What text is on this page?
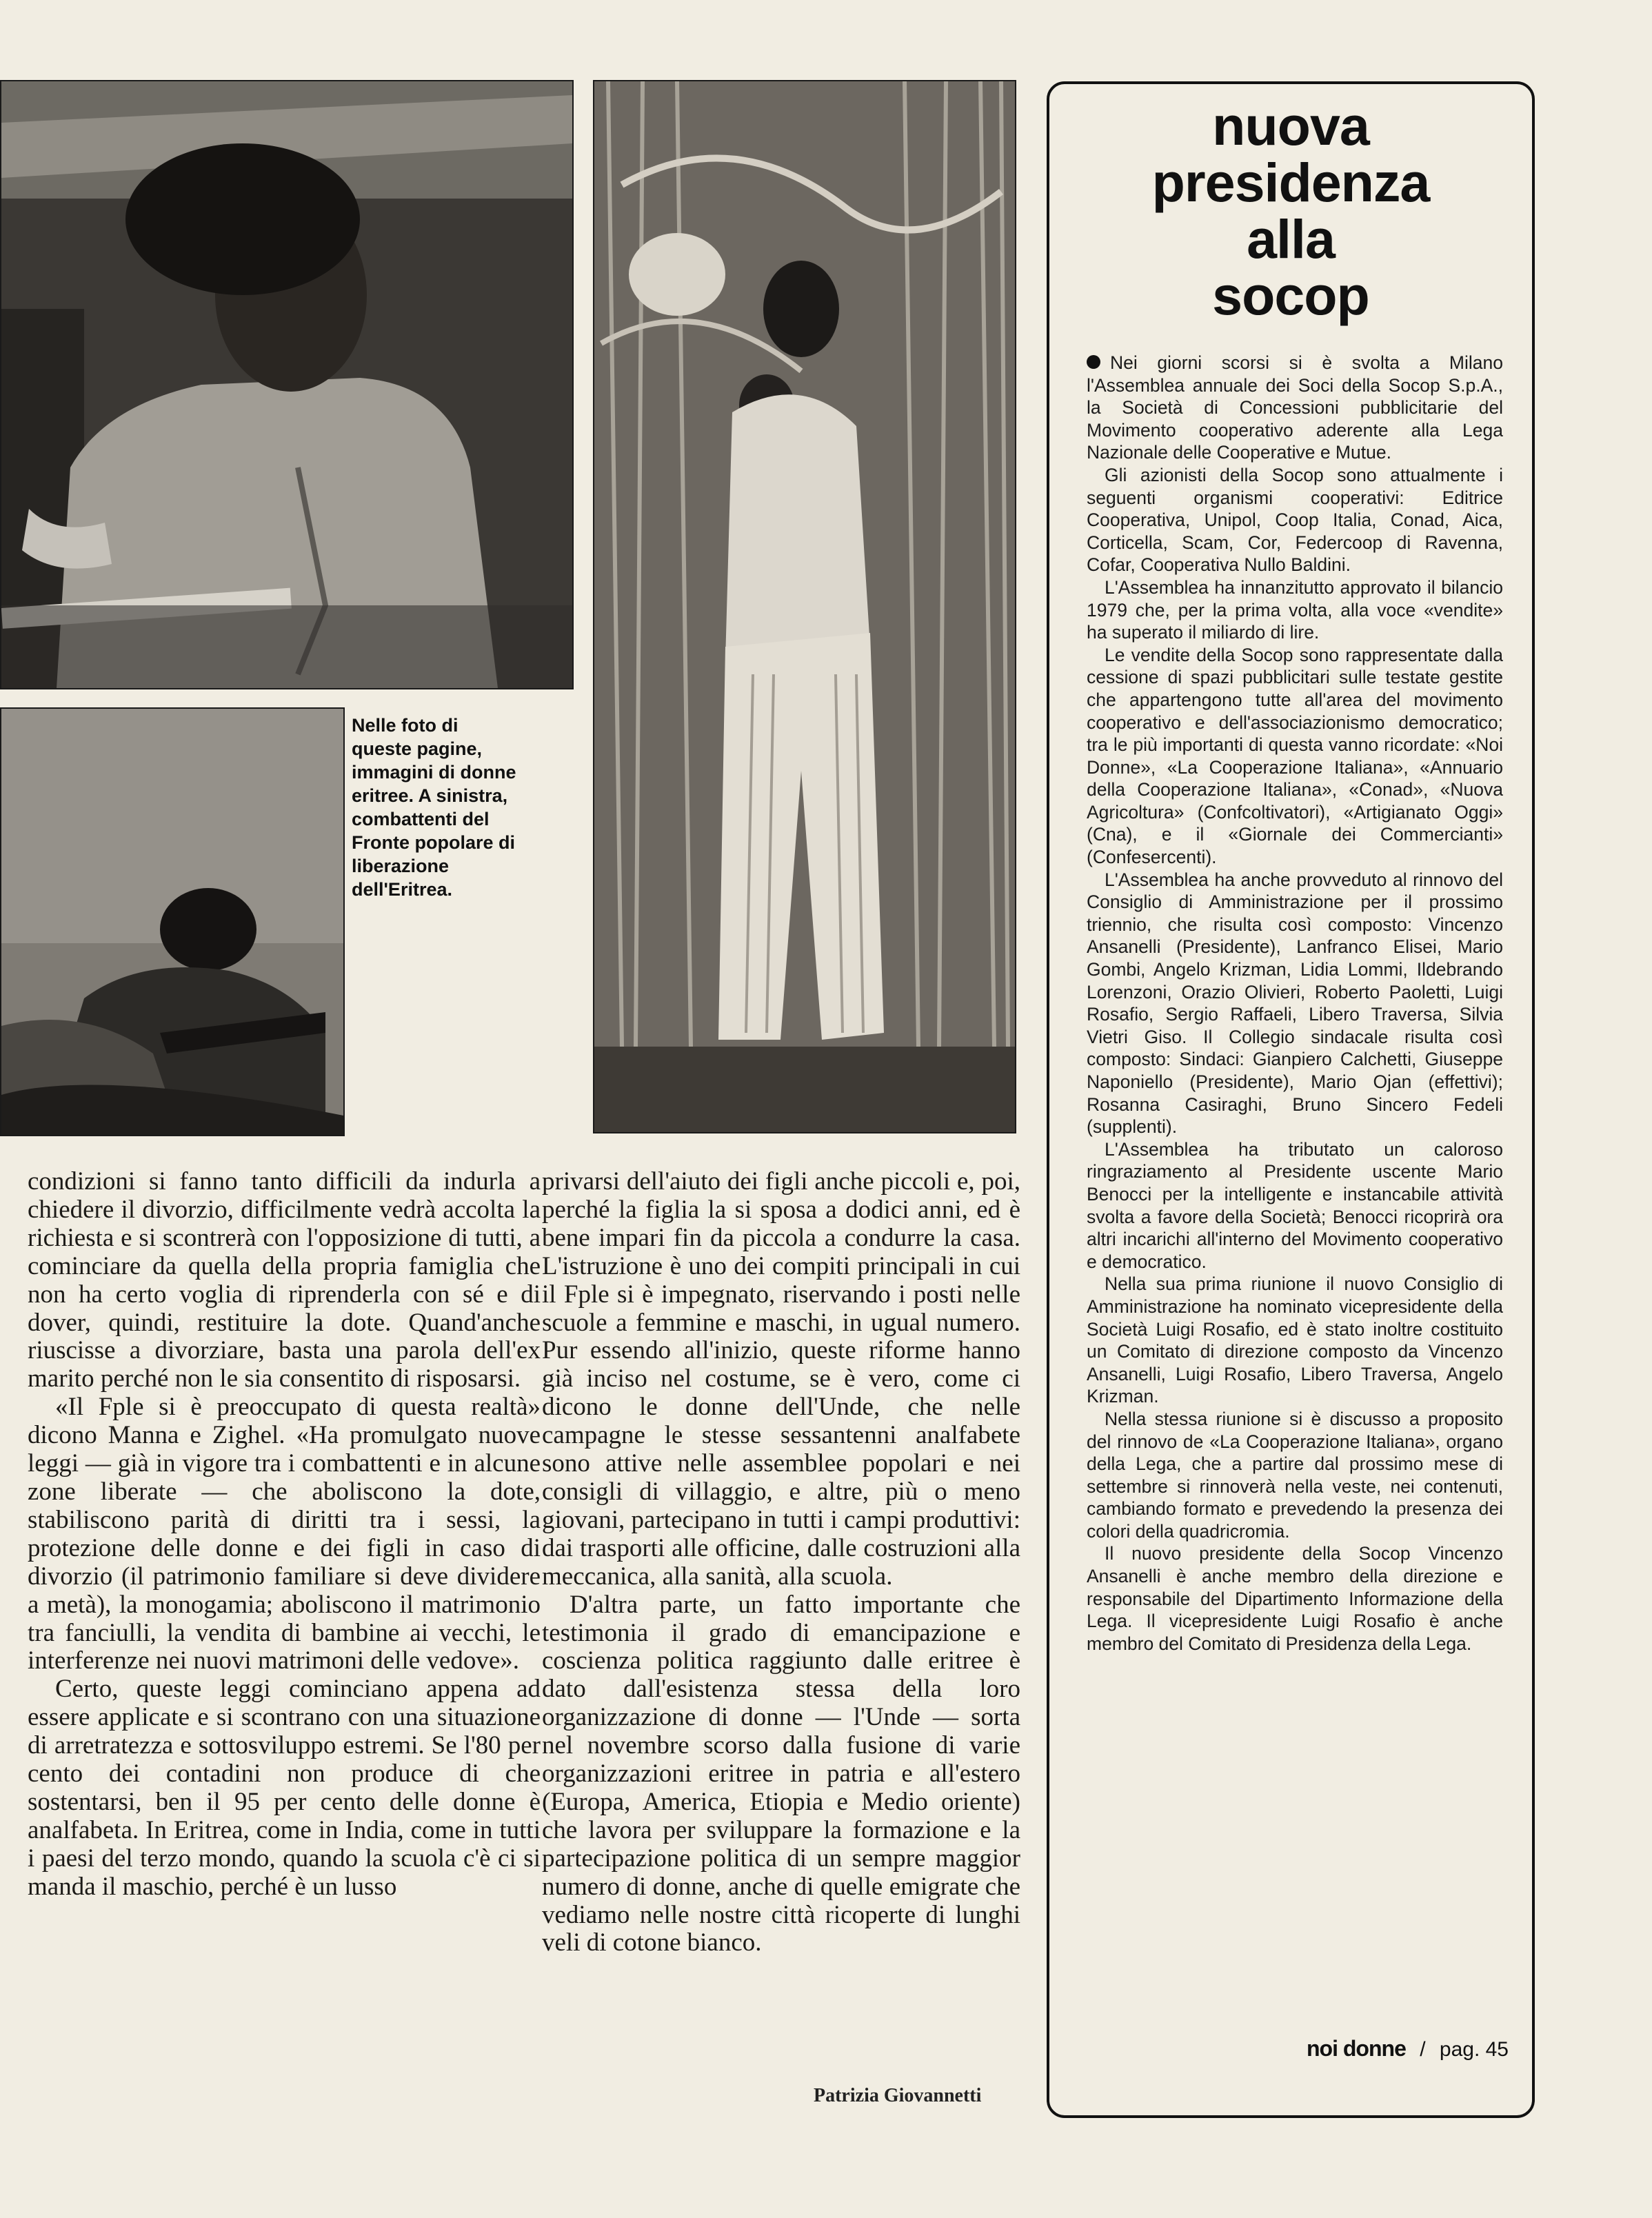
Nelle foto di queste pagine, immagini di donne eritree. A sinistra, combattenti del Fronte popolare di liberazione dell'Eritrea.

condizioni si fanno tanto difficili da indurla a chiedere il divorzio, difficilmente vedrà accolta la richiesta e si scontrerà con l'opposizione di tutti, a cominciare da quella della propria famiglia che non ha certo voglia di riprenderla con sé e di dover, quindi, restituire la dote. Quand'anche riuscisse a divorziare, basta una parola dell'ex marito perché non le sia consentito di risposarsi.

«Il Fple si è preoccupato di questa realtà» dicono Manna e Zighel. «Ha promulgato nuove leggi — già in vigore tra i combattenti e in alcune zone liberate — che aboliscono la dote, stabiliscono parità di diritti tra i sessi, la protezione delle donne e dei figli in caso di divorzio (il patrimonio familiare si deve dividere a metà), la monogamia; aboliscono il matrimonio tra fanciulli, la vendita di bambine ai vecchi, le interferenze nei nuovi matrimoni delle vedove».

Certo, queste leggi cominciano appena ad essere applicate e si scontrano con una situazione di arretratezza e sottosviluppo estremi. Se l'80 per cento dei contadini non produce di che sostentarsi, ben il 95 per cento delle donne è analfabeta. In Eritrea, come in India, come in tutti i paesi del terzo mondo, quando la scuola c'è ci si manda il maschio, perché è un lusso

privarsi dell'aiuto dei figli anche piccoli e, poi, perché la figlia la si sposa a dodici anni, ed è bene impari fin da piccola a condurre la casa. L'istruzione è uno dei compiti principali in cui il Fple si è impegnato, riservando i posti nelle scuole a femmine e maschi, in ugual numero. Pur essendo all'inizio, queste riforme hanno già inciso nel costume, se è vero, come ci dicono le donne dell'Unde, che nelle campagne le stesse sessantenni analfabete sono attive nelle assemblee popolari e nei consigli di villaggio, e altre, più o meno giovani, partecipano in tutti i campi produttivi: dai trasporti alle officine, dalle costruzioni alla meccanica, alla sanità, alla scuola.

D'altra parte, un fatto importante che testimonia il grado di emancipazione e coscienza politica raggiunto dalle eritree è dato dall'esistenza stessa della loro organizzazione di donne — l'Unde — sorta nel novembre scorso dalla fusione di varie organizzazioni eritree in patria e all'estero (Europa, America, Etiopia e Medio oriente) che lavora per sviluppare la formazione e la partecipazione politica di un sempre maggior numero di donne, anche di quelle emigrate che vediamo nelle nostre città ricoperte di lunghi veli di cotone bianco.

Patrizia Giovannetti
nuova
presidenza
alla
socop

Nei giorni scorsi si è svolta a Milano l'Assemblea annuale dei Soci della Socop S.p.A., la Società di Concessioni pubblicitarie del Movimento cooperativo aderente alla Lega Nazionale delle Cooperative e Mutue.

Gli azionisti della Socop sono attualmente i seguenti organismi cooperativi: Editrice Cooperativa, Unipol, Coop Italia, Conad, Aica, Corticella, Scam, Cor, Federcoop di Ravenna, Cofar, Cooperativa Nullo Baldini.

L'Assemblea ha innanzitutto approvato il bilancio 1979 che, per la prima volta, alla voce «vendite» ha superato il miliardo di lire.

Le vendite della Socop sono rappresentate dalla cessione di spazi pubblicitari sulle testate gestite che appartengono tutte all'area del movimento cooperativo e dell'associazionismo democratico; tra le più importanti di questa vanno ricordate: «Noi Donne», «La Cooperazione Italiana», «Annuario della Cooperazione Italiana», «Conad», «Nuova Agricoltura» (Confcoltivatori), «Artigianato Oggi» (Cna), e il «Giornale dei Commercianti» (Confesercenti).

L'Assemblea ha anche provveduto al rinnovo del Consiglio di Amministrazione per il prossimo triennio, che risulta così composto: Vincenzo Ansanelli (Presidente), Lanfranco Elisei, Mario Gombi, Angelo Krizman, Lidia Lommi, Ildebrando Lorenzoni, Orazio Olivieri, Roberto Paoletti, Luigi Rosafio, Sergio Raffaeli, Libero Traversa, Silvia Vietri Giso. Il Collegio sindacale risulta così composto: Sindaci: Gianpiero Calchetti, Giuseppe Naponiello (Presidente), Mario Ojan (effettivi); Rosanna Casiraghi, Bruno Sincero Fedeli (supplenti).

L'Assemblea ha tributato un caloroso ringraziamento al Presidente uscente Mario Benocci per la intelligente e instancabile attività svolta a favore della Società; Benocci ricoprirà ora altri incarichi all'interno del Movimento cooperativo e democratico.

Nella sua prima riunione il nuovo Consiglio di Amministrazione ha nominato vicepresidente della Società Luigi Rosafio, ed è stato inoltre costituito un Comitato di direzione composto da Vincenzo Ansanelli, Luigi Rosafio, Libero Traversa, Angelo Krizman.

Nella stessa riunione si è discusso a proposito del rinnovo de «La Cooperazione Italiana», organo della Lega, che a partire dal prossimo mese di settembre si rinnoverà nella veste, nei contenuti, cambiando formato e prevedendo la presenza dei colori della quadricromia.

Il nuovo presidente della Socop Vincenzo Ansanelli è anche membro della direzione e responsabile del Dipartimento Informazione della Lega. Il vicepresidente Luigi Rosafio è anche membro del Comitato di Presidenza della Lega.

noi donne / pag. 45
